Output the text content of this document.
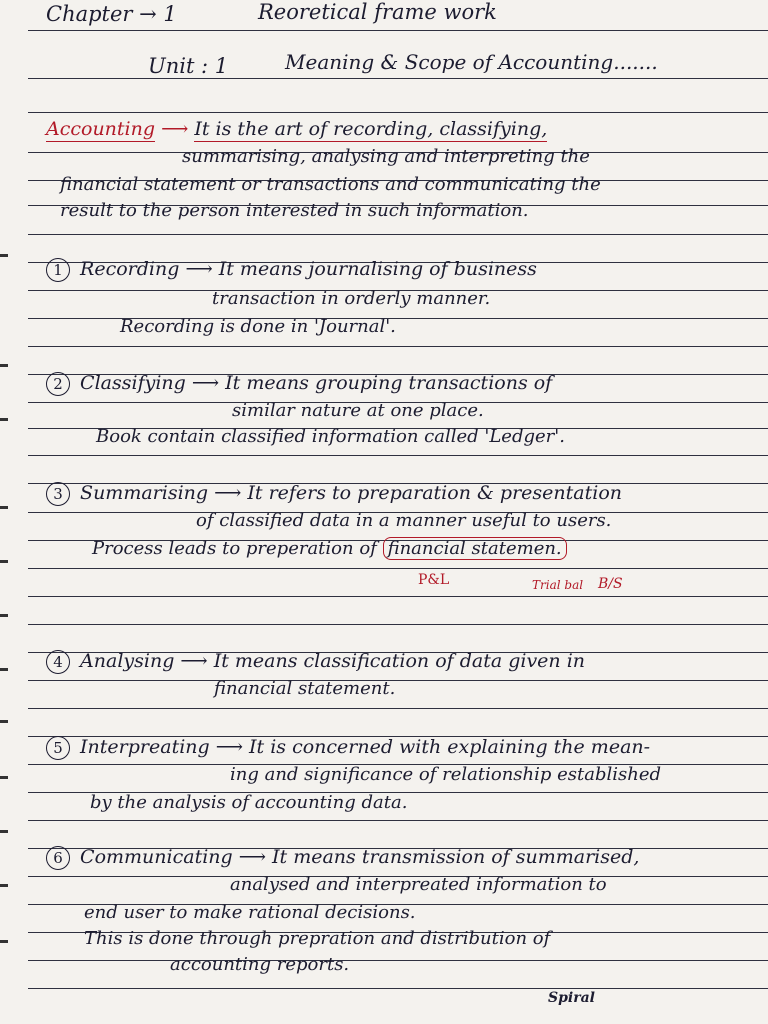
Chapter → 1	Reoretical frame work
Unit : 1	Meaning & Scope of Accounting.......
Accounting ⟶ It is the art of recording, classifying,
summarising, analysing and interpreting the
financial statement or transactions and communicating the
result to the person interested in such information.
1 Recording ⟶ It means journalising of business
transaction in orderly manner.
Recording is done in 'Journal'.
2 Classifying ⟶ It means grouping transactions of
similar nature at one place.
Book contain classified information called 'Ledger'.
3 Summarising ⟶ It refers to preparation & presentation
of classified data in a manner useful to users.
Process leads to preperation of financial statemen.
P&L	Trial bal B/S
4 Analysing ⟶ It means classification of data given in
financial statement.
5 Interpreating ⟶ It is concerned with explaining the mean-
ing and significance of relationship established
by the analysis of accounting data.
6 Communicating ⟶ It means transmission of summarised,
analysed and interpreated information to
end user to make rational decisions.
This is done through prepration and distribution of
accounting reports.
Spiral
